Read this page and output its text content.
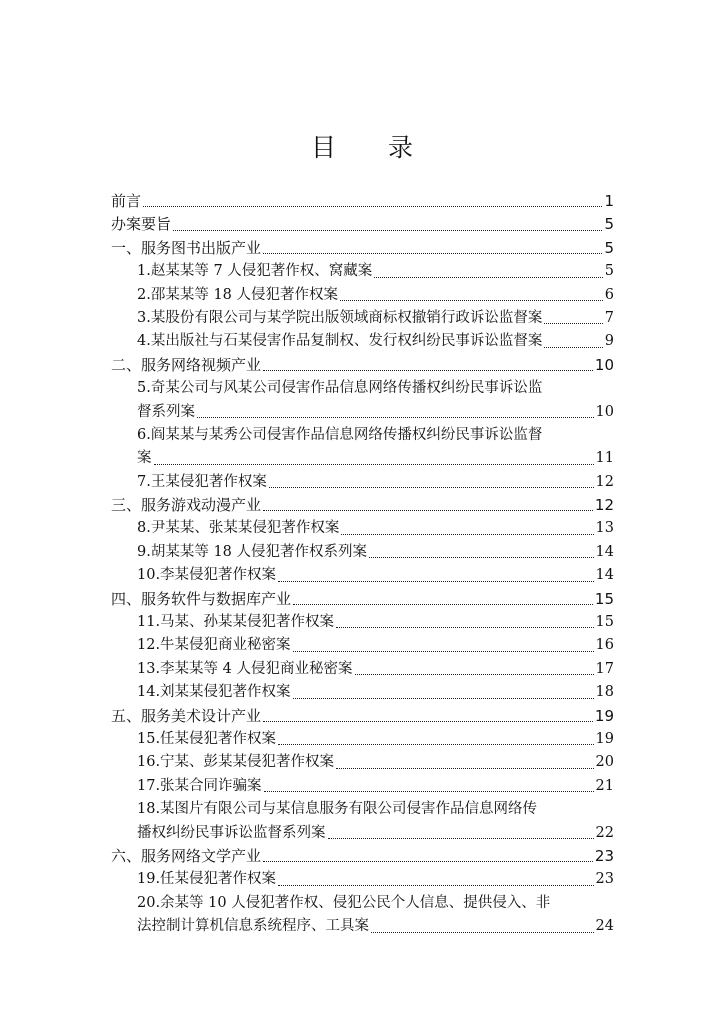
目 录
前言	1
办案要旨	5
一、服务图书出版产业	5
1.赵某某等 7 人侵犯著作权、窝藏案	5
2.邵某某等 18 人侵犯著作权案	6
3.某股份有限公司与某学院出版领域商标权撤销行政诉讼监督案	7
4.某出版社与石某侵害作品复制权、发行权纠纷民事诉讼监督案	9
二、服务网络视频产业	10
5.奇某公司与风某公司侵害作品信息网络传播权纠纷民事诉讼监
督系列案	10
6.阎某某与某秀公司侵害作品信息网络传播权纠纷民事诉讼监督
案	11
7.王某侵犯著作权案	12
三、服务游戏动漫产业	12
8.尹某某、张某某侵犯著作权案	13
9.胡某某等 18 人侵犯著作权系列案	14
10.李某侵犯著作权案	14
四、服务软件与数据库产业	15
11.马某、孙某某侵犯著作权案	15
12.牛某侵犯商业秘密案	16
13.李某某等 4 人侵犯商业秘密案	17
14.刘某某侵犯著作权案	18
五、服务美术设计产业	19
15.任某侵犯著作权案	19
16.宁某、彭某某侵犯著作权案	20
17.张某合同诈骗案	21
18.某图片有限公司与某信息服务有限公司侵害作品信息网络传
播权纠纷民事诉讼监督系列案	22
六、服务网络文学产业	23
19.任某侵犯著作权案	23
20.余某等 10 人侵犯著作权、侵犯公民个人信息、提供侵入、非
法控制计算机信息系统程序、工具案	24
